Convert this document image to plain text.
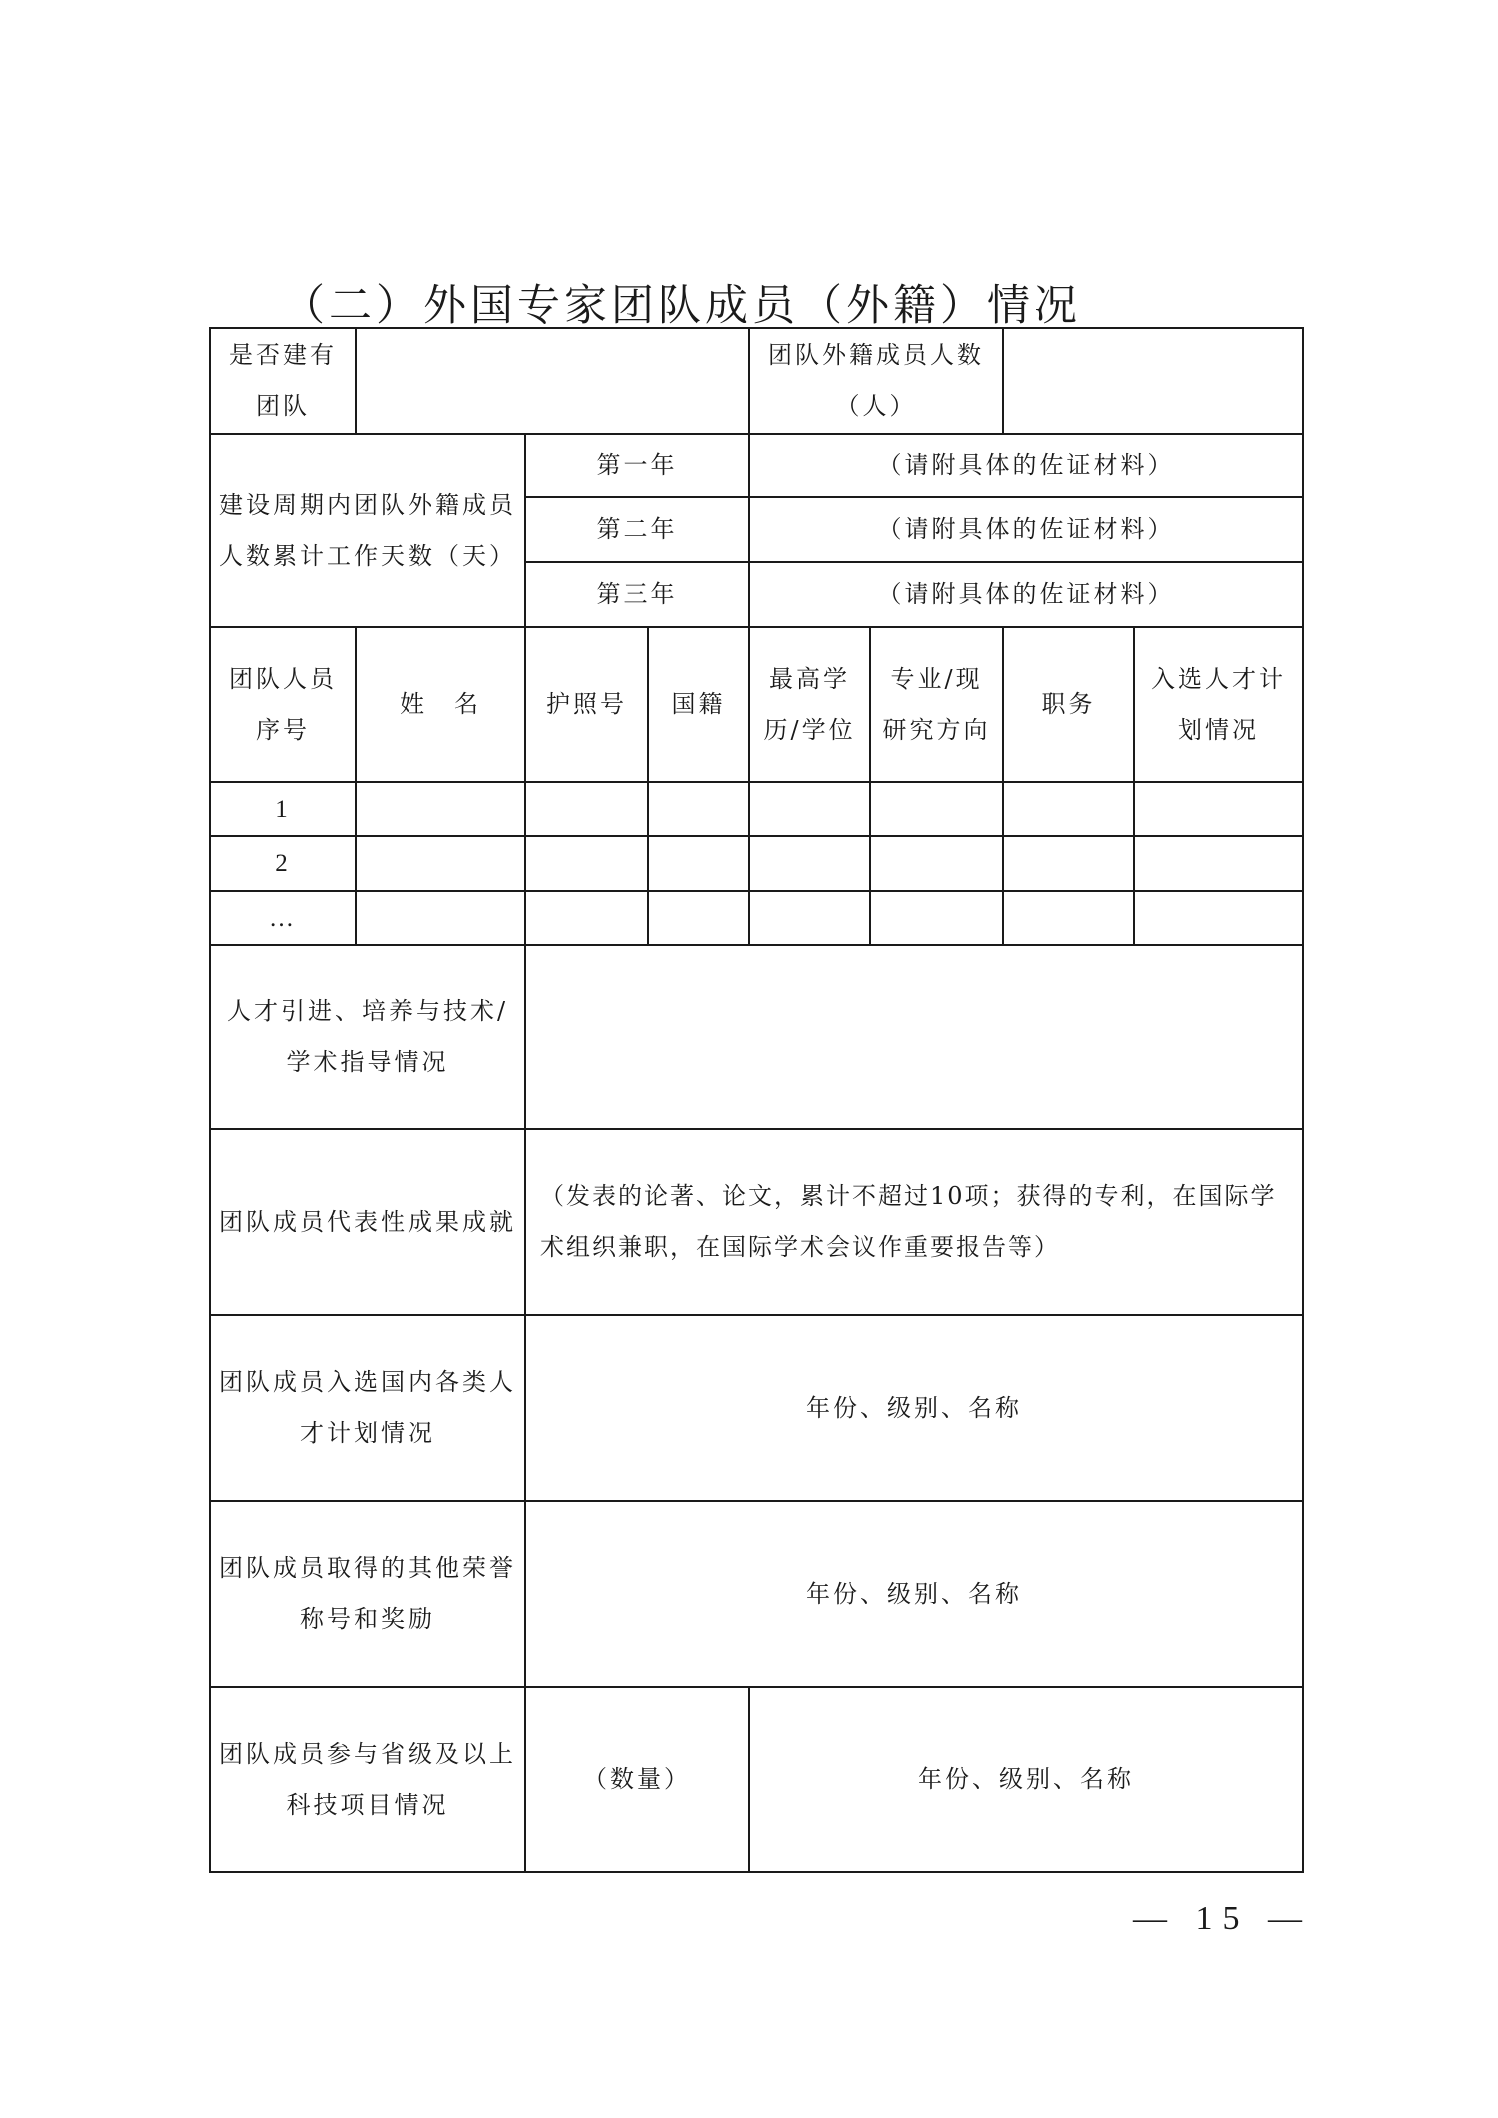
（二）外国专家团队成员（外籍）情况
是否建有团队				团队外籍成员人数（人）			
建设周期内团队外籍成员人数累计工作天数（天）		第一年		（请附具体的佐证材料）			
		第二年		（请附具体的佐证材料）			
		第三年		（请附具体的佐证材料）			
团队人员序号	姓　名	护照号	国籍	最高学历/学位	专业/现研究方向	职务	入选人才计划情况
1							
2							
…							
人才引进、培养与技术/学术指导情况							
团队成员代表性成果成就		（发表的论著、论文，累计不超过10项；获得的专利，在国际学术组织兼职，在国际学术会议作重要报告等）					
团队成员入选国内各类人才计划情况		年份、级别、名称					
团队成员取得的其他荣誉称号和奖励		年份、级别、名称					
团队成员参与省级及以上科技项目情况		（数量）		年份、级别、名称			
— 15 —
